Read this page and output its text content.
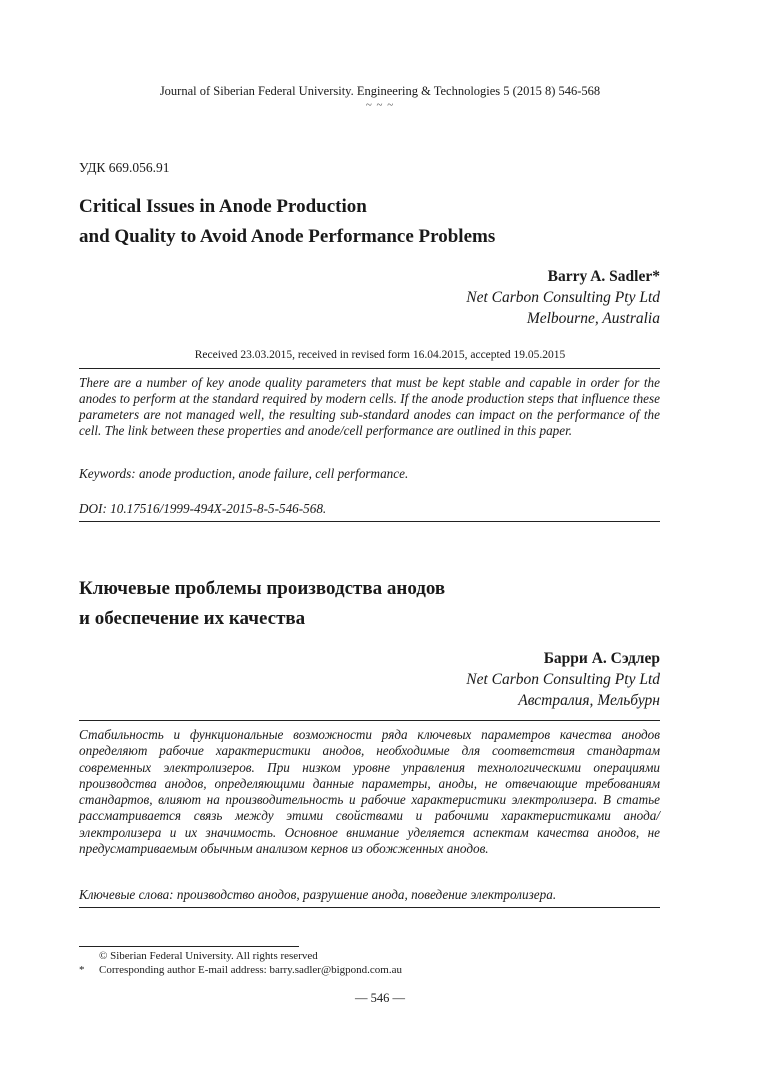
Journal of Siberian Federal University. Engineering & Technologies 5 (2015 8) 546-568
~ ~ ~
УДК 669.056.91
Critical Issues in Anode Production
and Quality to Avoid Anode Performance Problems
Barry A. Sadler*
Net Carbon Consulting Pty Ltd
Melbourne, Australia
Received 23.03.2015, received in revised form 16.04.2015, accepted 19.05.2015

There are a number of key anode quality parameters that must be kept stable and capable in order for the anodes to perform at the standard required by modern cells. If the anode production steps that influence these parameters are not managed well, the resulting sub-standard anodes can impact on the performance of the cell. The link between these properties and anode/cell performance are outlined in this paper.

Keywords: anode production, anode failure, cell performance.
DOI: 10.17516/1999-494X-2015-8-5-546-568.
Ключевые проблемы производства анодов
и обеспечение их качества
Барри А. Сэдлер
Net Carbon Consulting Pty Ltd
Австралия, Мельбурн

Стабильность и функциональные возможности ряда ключевых параметров качества анодов определяют рабочие характеристики анодов, необходимые для соответствия стандартам современных электролизеров. При низком уровне управления технологическими операциями производства анодов, определяющими данные параметры, аноды, не отвечающие требованиям стандартов, влияют на производительность и рабочие характеристики электролизера. В статье рассматривается связь между этими свойствами и рабочими характеристиками анода/электролизера и их значимость. Основное внимание уделяется аспектам качества анодов, не предусматриваемым обычным анализом кернов из обожженных анодов.

Ключевые слова: производство анодов, разрушение анода, поведение электролизера.
© Siberian Federal University. All rights reserved
* Corresponding author E-mail address: barry.sadler@bigpond.com.au
— 546 —
